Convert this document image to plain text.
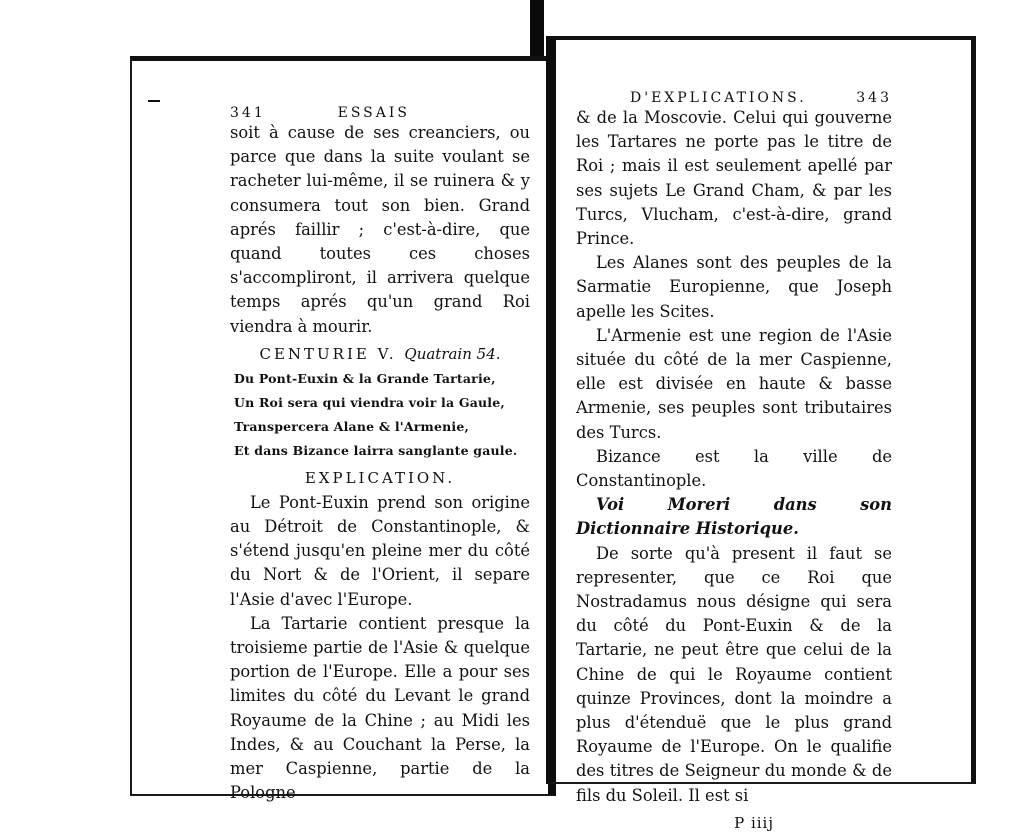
341	ESSAIS

soit à cause de ses creanciers, ou parce que dans la suite voulant se racheter lui-même, il se ruinera & y consumera tout son bien. Grand aprés faillir ; c'est-à-dire, que quand toutes ces choses s'accompliront, il arrivera quelque temps aprés qu'un grand Roi viendra à mourir.

CENTURIE V. Quatrain 54.
Du Pont-Euxin & la Grande Tartarie,
Un Roi sera qui viendra voir la Gaule,
Transpercera Alane & l'Armenie,
Et dans Bizance lairra sanglante gaule.
EXPLICATION.

Le Pont-Euxin prend son origine au Détroit de Constantinople, & s'étend jusqu'en pleine mer du côté du Nort & de l'Orient, il separe l'Asie d'avec l'Europe.

La Tartarie contient presque la troisieme partie de l'Asie & quelque portion de l'Europe. Elle a pour ses limites du côté du Levant le grand Royaume de la Chine ; au Midi les Indes, & au Couchant la Perse, la mer Caspienne, partie de la Pologne

D'EXPLICATIONS.	343

& de la Moscovie. Celui qui gouverne les Tartares ne porte pas le titre de Roi ; mais il est seulement apellé par ses sujets Le Grand Cham, & par les Turcs, Vlucham, c'est-à-dire, grand Prince.

Les Alanes sont des peuples de la Sarmatie Europienne, que Joseph apelle les Scites.

L'Armenie est une region de l'Asie située du côté de la mer Caspienne, elle est divisée en haute & basse Armenie, ses peuples sont tributaires des Turcs.

Bizance est la ville de Constantinople.

Voi Moreri dans son Dictionnaire Historique.

De sorte qu'à present il faut se representer, que ce Roi que Nostradamus nous désigne qui sera du côté du Pont-Euxin & de la Tartarie, ne peut être que celui de la Chine de qui le Royaume contient quinze Provinces, dont la moindre a plus d'étenduë que le plus grand Royaume de l'Europe. On le qualifie des titres de Seigneur du monde & de fils du Soleil. Il est si

P iiij
